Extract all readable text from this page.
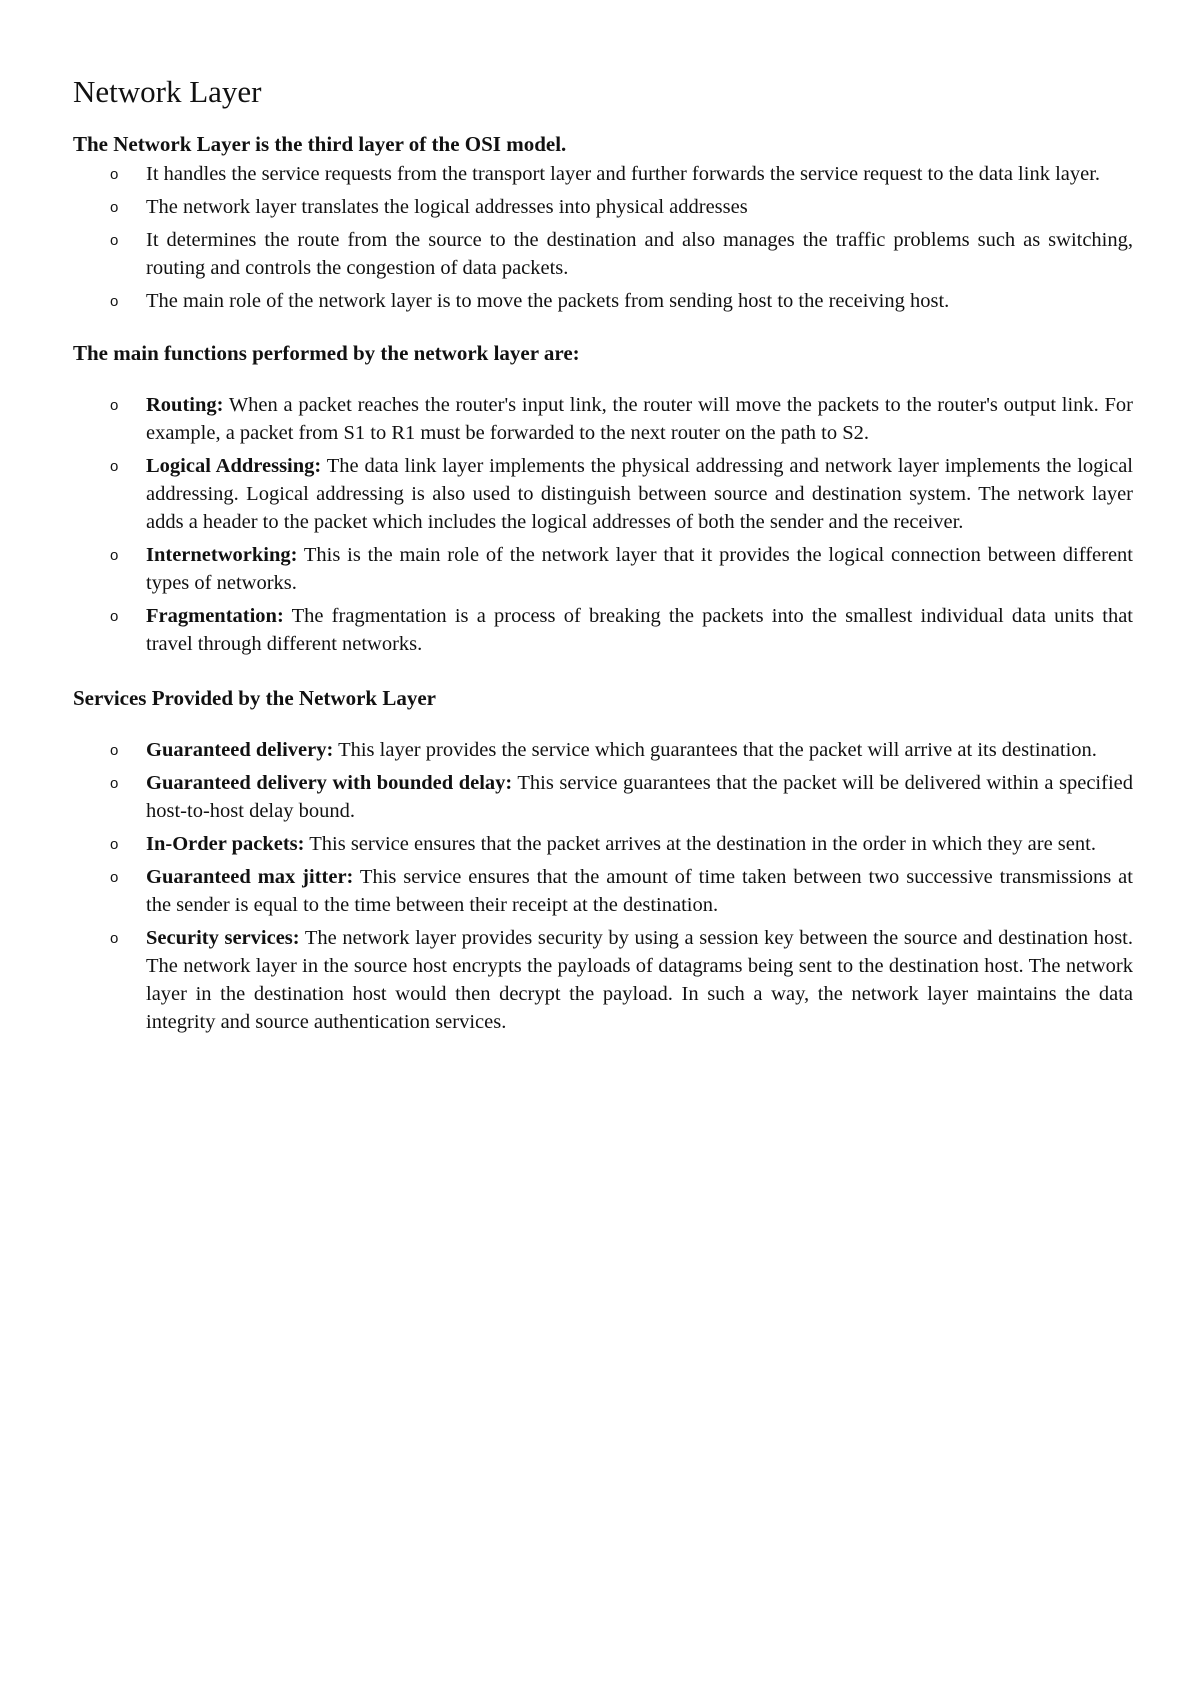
Network Layer
The Network Layer is the third layer of the OSI model.
o It handles the service requests from the transport layer and further forwards the service request to the data link layer.
o The network layer translates the logical addresses into physical addresses
o It determines the route from the source to the destination and also manages the traffic problems such as switching, routing and controls the congestion of data packets.
o The main role of the network layer is to move the packets from sending host to the receiving host.
The main functions performed by the network layer are:
o Routing: When a packet reaches the router's input link, the router will move the packets to the router's output link. For example, a packet from S1 to R1 must be forwarded to the next router on the path to S2.
o Logical Addressing: The data link layer implements the physical addressing and network layer implements the logical addressing. Logical addressing is also used to distinguish between source and destination system. The network layer adds a header to the packet which includes the logical addresses of both the sender and the receiver.
o Internetworking: This is the main role of the network layer that it provides the logical connection between different types of networks.
o Fragmentation: The fragmentation is a process of breaking the packets into the smallest individual data units that travel through different networks.
Services Provided by the Network Layer
o Guaranteed delivery: This layer provides the service which guarantees that the packet will arrive at its destination.
o Guaranteed delivery with bounded delay: This service guarantees that the packet will be delivered within a specified host-to-host delay bound.
o In-Order packets: This service ensures that the packet arrives at the destination in the order in which they are sent.
o Guaranteed max jitter: This service ensures that the amount of time taken between two successive transmissions at the sender is equal to the time between their receipt at the destination.
o Security services: The network layer provides security by using a session key between the source and destination host. The network layer in the source host encrypts the payloads of datagrams being sent to the destination host. The network layer in the destination host would then decrypt the payload. In such a way, the network layer maintains the data integrity and source authentication services.
